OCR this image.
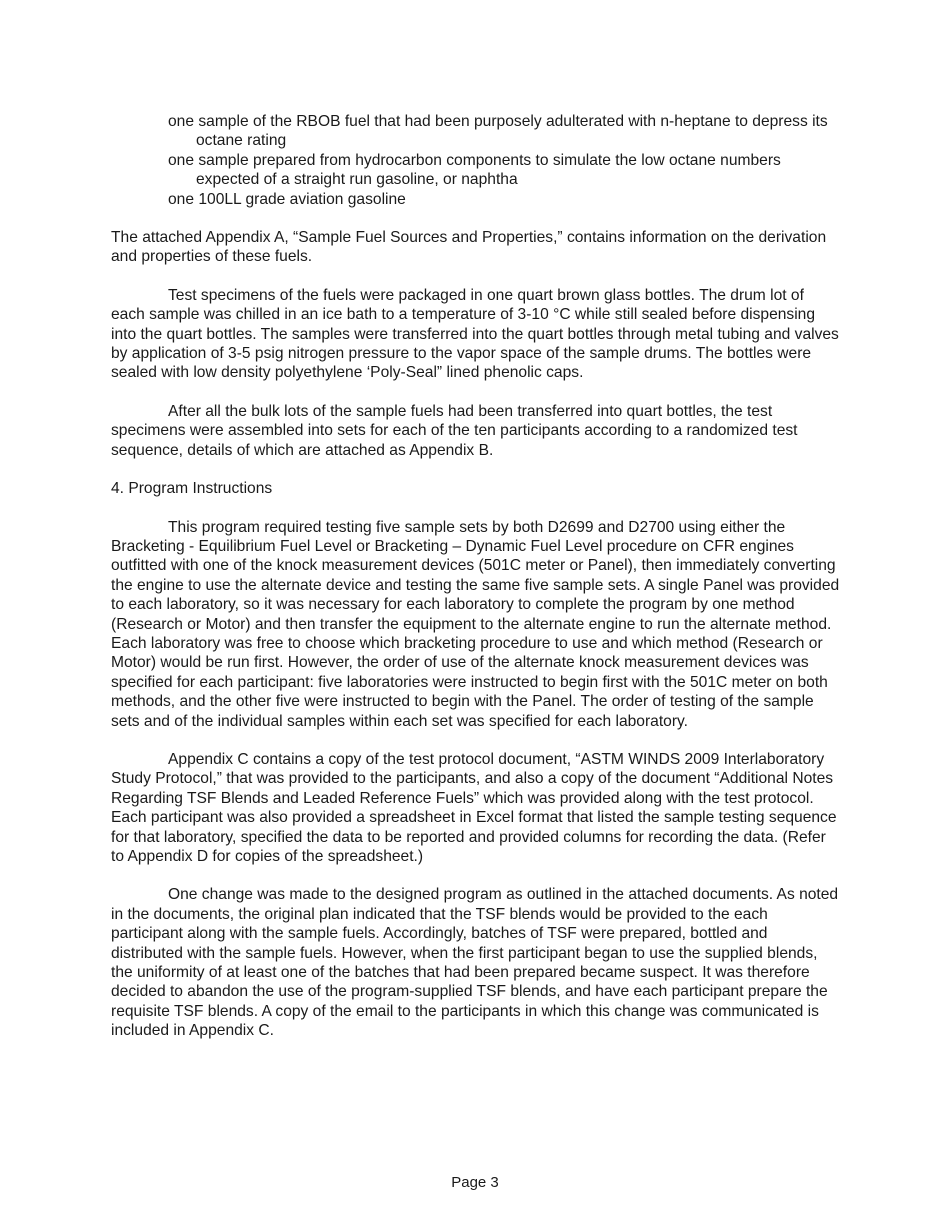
one sample of the RBOB fuel that had been purposely adulterated with n-heptane to depress its octane rating
one sample prepared from hydrocarbon components to simulate the low octane numbers expected of a straight run gasoline, or naphtha
one 100LL grade aviation gasoline

The attached Appendix A, “Sample Fuel Sources and Properties,” contains information on the derivation and properties of these fuels.

Test specimens of the fuels were packaged in one quart brown glass bottles. The drum lot of each sample was chilled in an ice bath to a temperature of 3-10 °C while still sealed before dispensing into the quart bottles. The samples were transferred into the quart bottles through metal tubing and valves by application of 3-5 psig nitrogen pressure to the vapor space of the sample drums. The bottles were sealed with low density polyethylene ‘Poly-Seal” lined phenolic caps.

After all the bulk lots of the sample fuels had been transferred into quart bottles, the test specimens were assembled into sets for each of the ten participants according to a randomized test sequence, details of which are attached as Appendix B.

4. Program Instructions

This program required testing five sample sets by both D2699 and D2700 using either the Bracketing - Equilibrium Fuel Level or Bracketing – Dynamic Fuel Level procedure on CFR engines outfitted with one of the knock measurement devices (501C meter or Panel), then immediately converting the engine to use the alternate device and testing the same five sample sets. A single Panel was provided to each laboratory, so it was necessary for each laboratory to complete the program by one method (Research or Motor) and then transfer the equipment to the alternate engine to run the alternate method. Each laboratory was free to choose which bracketing procedure to use and which method (Research or Motor) would be run first. However, the order of use of the alternate knock measurement devices was specified for each participant: five laboratories were instructed to begin first with the 501C meter on both methods, and the other five were instructed to begin with the Panel. The order of testing of the sample sets and of the individual samples within each set was specified for each laboratory.

Appendix C contains a copy of the test protocol document, “ASTM WINDS 2009 Interlaboratory Study Protocol,” that was provided to the participants, and also a copy of the document “Additional Notes Regarding TSF Blends and Leaded Reference Fuels” which was provided along with the test protocol. Each participant was also provided a spreadsheet in Excel format that listed the sample testing sequence for that laboratory, specified the data to be reported and provided columns for recording the data. (Refer to Appendix D for copies of the spreadsheet.)

One change was made to the designed program as outlined in the attached documents. As noted in the documents, the original plan indicated that the TSF blends would be provided to the each participant along with the sample fuels. Accordingly, batches of TSF were prepared, bottled and distributed with the sample fuels. However, when the first participant began to use the supplied blends, the uniformity of at least one of the batches that had been prepared became suspect. It was therefore decided to abandon the use of the program-supplied TSF blends, and have each participant prepare the requisite TSF blends. A copy of the email to the participants in which this change was communicated is included in Appendix C.

Page 3
